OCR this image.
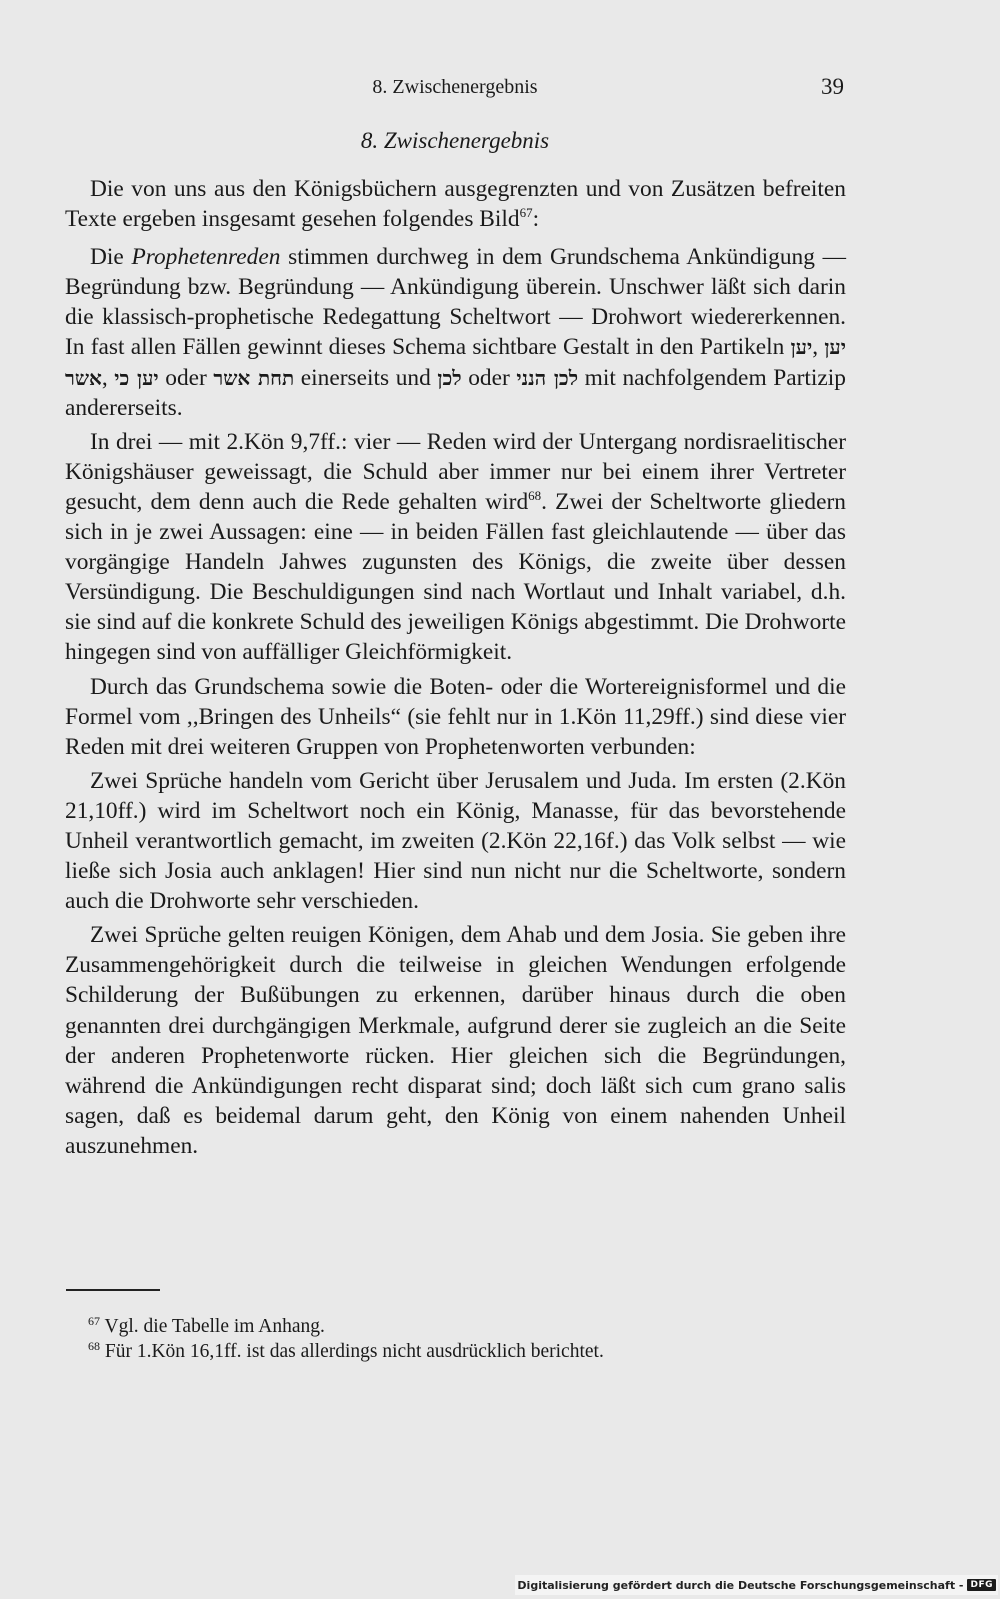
8. Zwischenergebnis	39
8. Zwischenergebnis

Die von uns aus den Königsbüchern ausgegrenzten und von Zusätzen befreiten Texte ergeben insgesamt gesehen folgendes Bild$^{67}$:

Die Prophetenreden stimmen durchweg in dem Grundschema Ankündigung — Begründung bzw. Begründung — Ankündigung überein. Unschwer läßt sich darin die klassisch-prophetische Redegattung Scheltwort — Drohwort wiedererkennen. In fast allen Fällen gewinnt dieses Schema sichtbare Gestalt in den Partikeln יען, יען אשר, יען כי oder תחת אשר einerseits und לכן oder לכן הנני mit nachfolgendem Partizip andererseits.

In drei — mit 2.Kön 9,7ff.: vier — Reden wird der Untergang nordisraelitischer Königshäuser geweissagt, die Schuld aber immer nur bei einem ihrer Vertreter gesucht, dem denn auch die Rede gehalten wird$^{68}$. Zwei der Scheltworte gliedern sich in je zwei Aussagen: eine — in beiden Fällen fast gleichlautende — über das vorgängige Handeln Jahwes zugunsten des Königs, die zweite über dessen Versündigung. Die Beschuldigungen sind nach Wortlaut und Inhalt variabel, d.h. sie sind auf die konkrete Schuld des jeweiligen Königs abgestimmt. Die Drohworte hingegen sind von auffälliger Gleichförmigkeit.

Durch das Grundschema sowie die Boten- oder die Wortereignisformel und die Formel vom ,,Bringen des Unheils“ (sie fehlt nur in 1.Kön 11,29ff.) sind diese vier Reden mit drei weiteren Gruppen von Prophetenworten verbunden:

Zwei Sprüche handeln vom Gericht über Jerusalem und Juda. Im ersten (2.Kön 21,10ff.) wird im Scheltwort noch ein König, Manasse, für das bevorstehende Unheil verantwortlich gemacht, im zweiten (2.Kön 22,16f.) das Volk selbst — wie ließe sich Josia auch anklagen! Hier sind nun nicht nur die Scheltworte, sondern auch die Drohworte sehr verschieden.

Zwei Sprüche gelten reuigen Königen, dem Ahab und dem Josia. Sie geben ihre Zusammengehörigkeit durch die teilweise in gleichen Wendungen erfolgende Schilderung der Bußübungen zu erkennen, darüber hinaus durch die oben genannten drei durchgängigen Merkmale, aufgrund derer sie zugleich an die Seite der anderen Prophetenworte rücken. Hier gleichen sich die Begründungen, während die Ankündigungen recht disparat sind; doch läßt sich cum grano salis sagen, daß es beidemal darum geht, den König von einem nahenden Unheil auszunehmen.

$^{67}$ Vgl. die Tabelle im Anhang.
$^{68}$ Für 1.Kön 16,1ff. ist das allerdings nicht ausdrücklich berichtet.
Digitalisierung gefördert durch die Deutsche Forschungsgemeinschaft - DFG
